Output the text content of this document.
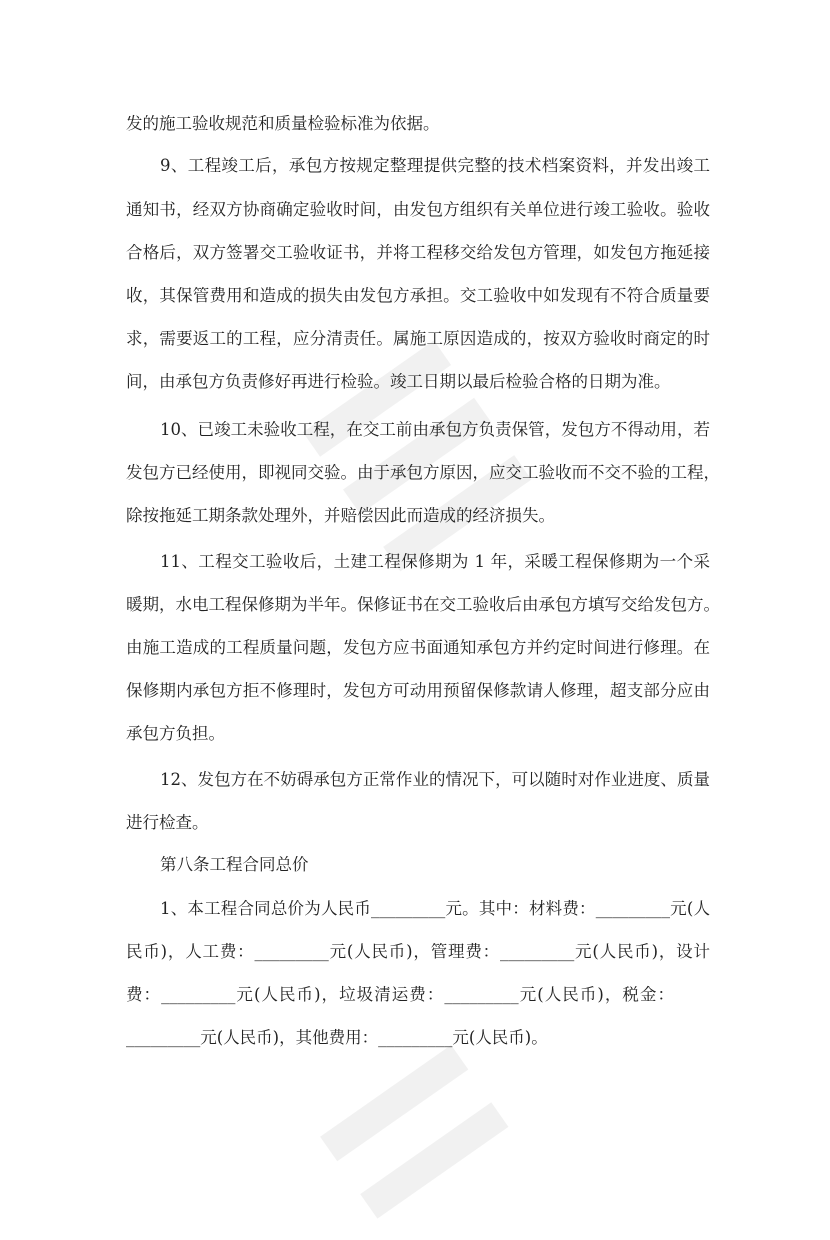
发的施工验收规范和质量检验标准为依据。
9、工程竣工后，承包方按规定整理提供完整的技术档案资料，并发出竣工
通知书，经双方协商确定验收时间，由发包方组织有关单位进行竣工验收。验收
合格后，双方签署交工验收证书，并将工程移交给发包方管理，如发包方拖延接
收，其保管费用和造成的损失由发包方承担。交工验收中如发现有不符合质量要
求，需要返工的工程，应分清责任。属施工原因造成的，按双方验收时商定的时
间，由承包方负责修好再进行检验。竣工日期以最后检验合格的日期为准。
10、已竣工未验收工程，在交工前由承包方负责保管，发包方不得动用，若
发包方已经使用，即视同交验。由于承包方原因，应交工验收而不交不验的工程，
除按拖延工期条款处理外，并赔偿因此而造成的经济损失。
11、工程交工验收后，土建工程保修期为 1 年，采暖工程保修期为一个采
暖期，水电工程保修期为半年。保修证书在交工验收后由承包方填写交给发包方。
由施工造成的工程质量问题，发包方应书面通知承包方并约定时间进行修理。在
保修期内承包方拒不修理时，发包方可动用预留保修款请人修理，超支部分应由
承包方负担。
12、发包方在不妨碍承包方正常作业的情况下，可以随时对作业进度、质量
进行检查。
第八条工程合同总价
1、本工程合同总价为人民币_________元。其中：材料费：_________元(人
民币)，人工费：_________元(人民币)，管理费：_________元(人民币)，设计
费：_________元(人民币)，垃圾清运费：_________元(人民币)，税金：
_________元(人民币)，其他费用：_________元(人民币)。
